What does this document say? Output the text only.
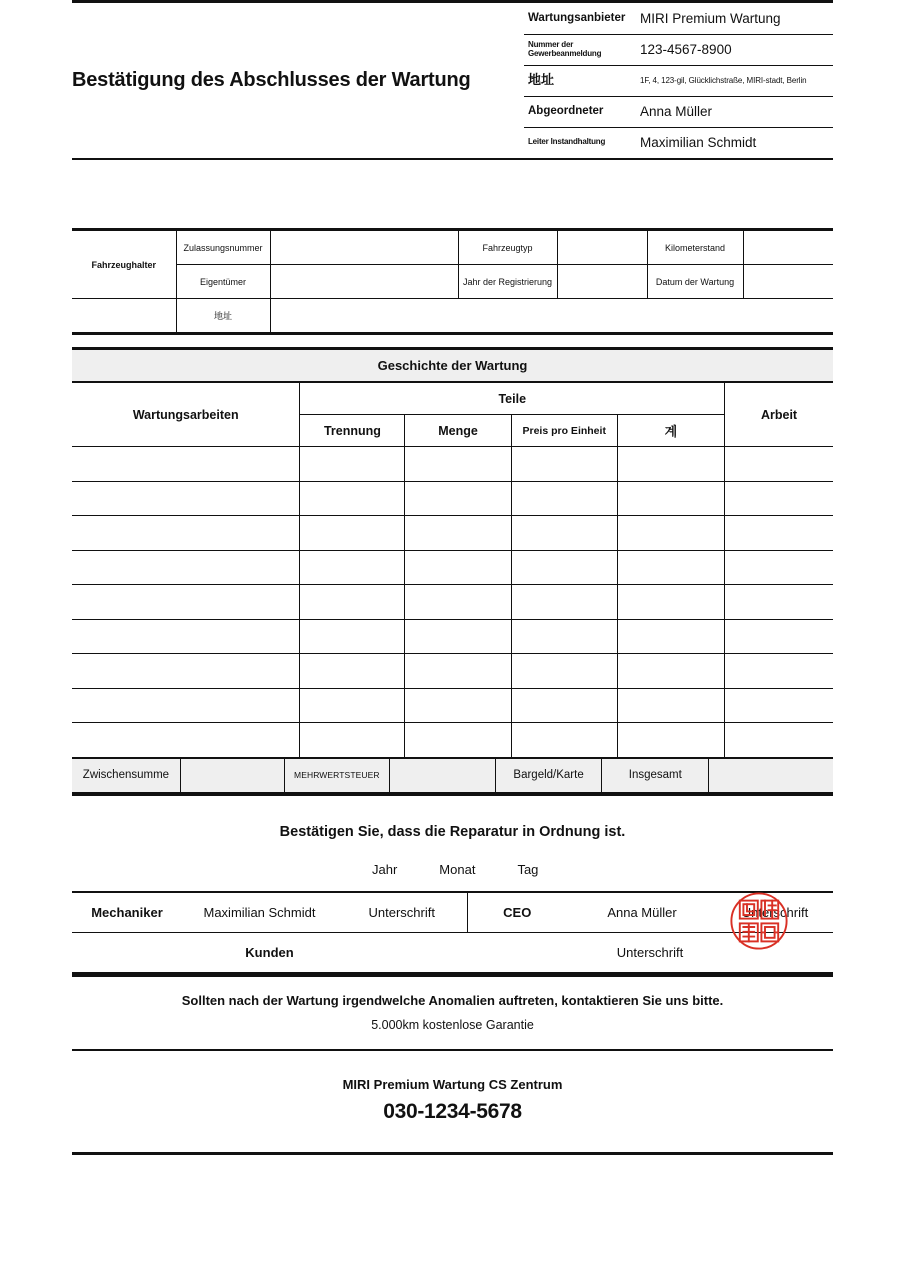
Bestätigung des Abschlusses der Wartung
Wartungsanbieter	MIRI Premium Wartung
Nummer der Gewerbeanmeldung	123-4567-8900
地址	1F, 4, 123-gil, Glücklichstraße, MIRI-stadt, Berlin
Abgeordneter	Anna Müller
Leiter Instandhaltung	Maximilian Schmidt
Fahrzeughalter	Zulassungsnummer		Fahrzeugtyp		Kilometerstand	
	Eigentümer		Jahr der Registrierung		Datum der Wartung	
	地址					
Geschichte der Wartung
Wartungsarbeiten	Teile				Arbeit
	Trennung	Menge	Preis pro Einheit	계	

Zwischensumme		MEHRWERTSTEUER		Bargeld/Karte	Insgesamt	
Bestätigen Sie, dass die Reparatur in Ordnung ist.
Jahr	Monat	Tag
Mechaniker	Maximilian Schmidt	Unterschrift	CEO	Anna Müller	Unterschrift
Kunden			Unterschrift		
Sollten nach der Wartung irgendwelche Anomalien auftreten, kontaktieren Sie uns bitte.
5.000km kostenlose Garantie
MIRI Premium Wartung CS Zentrum
030-1234-5678
